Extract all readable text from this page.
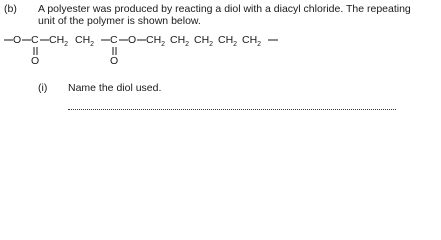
(b) A polyester was produced by reacting a diol with a diacyl chloride. The repeating
unit of the polymer is shown below.
O C $CH_2$ $CH_2$ C O $CH_2$ $CH_2$ $CH_2$ $CH_2$ $CH_2$
O	O
(i) Name the diol used.
